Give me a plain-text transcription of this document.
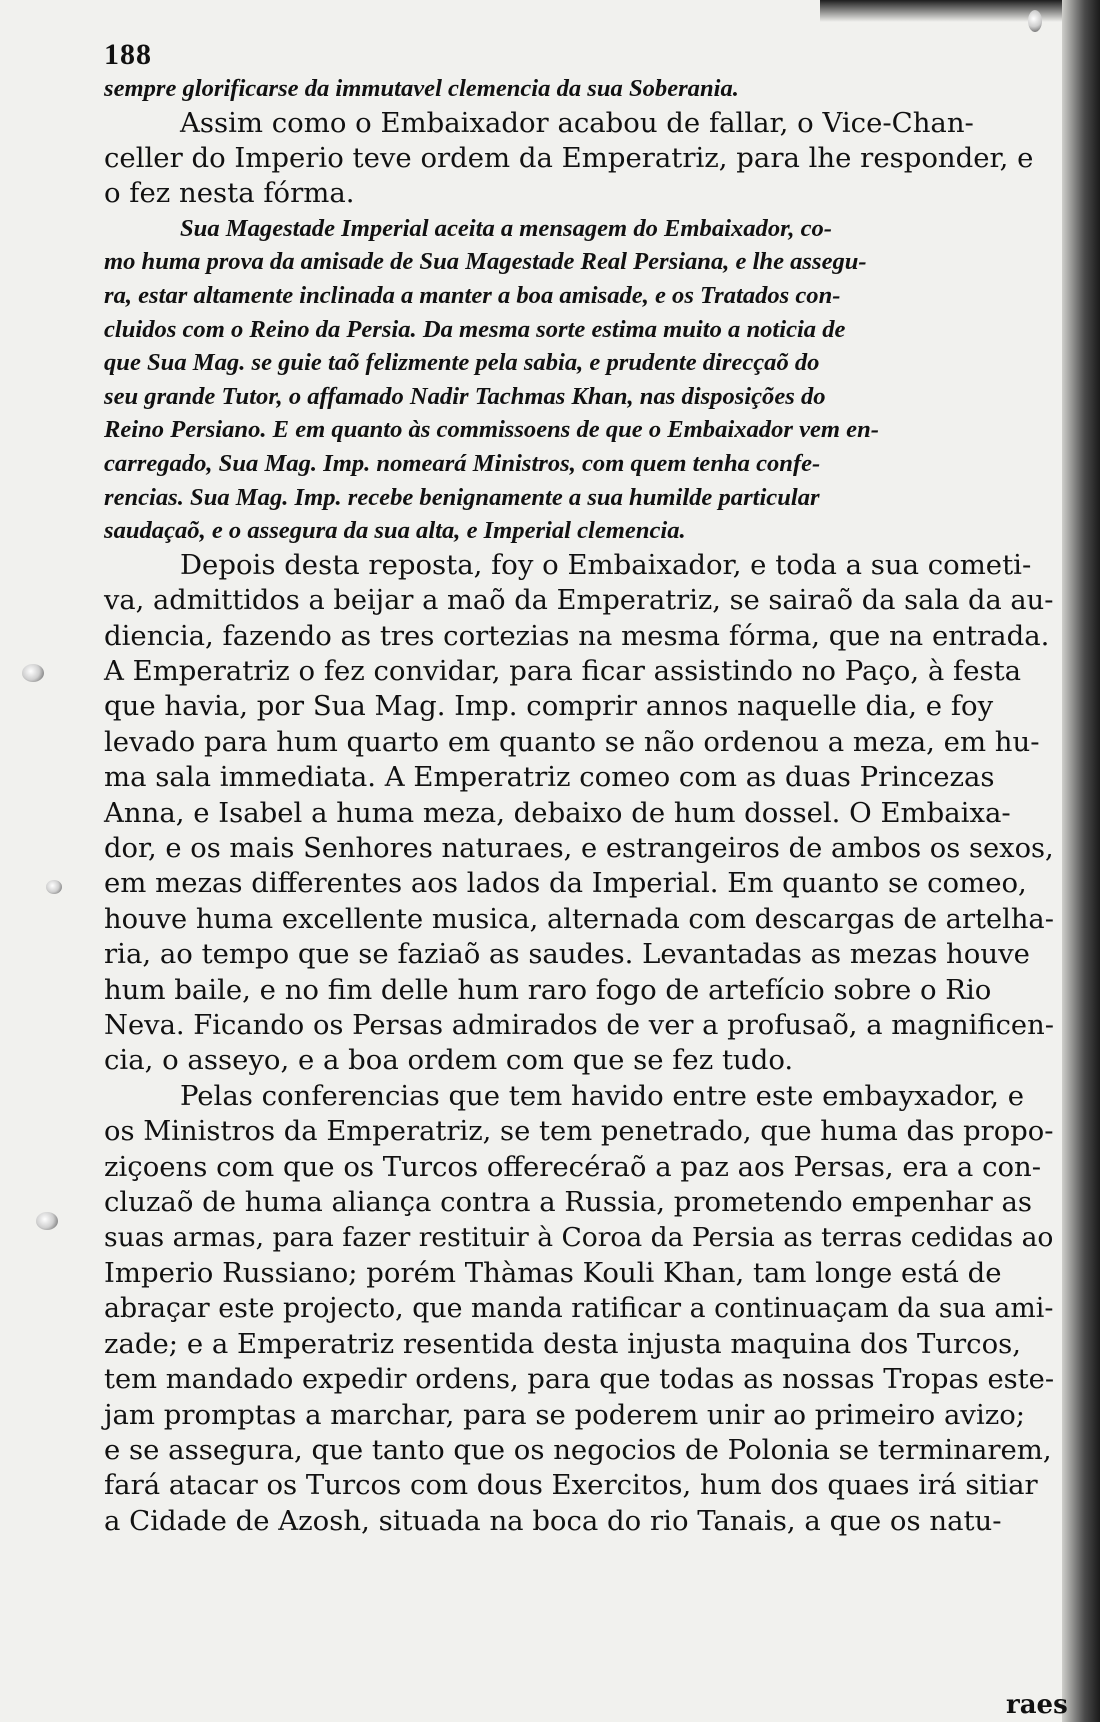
188

sempre glorificarse da immutavel clemencia da sua Soberania.

Assim como o Embaixador acabou de fallar, o Vice-Chan-

celler do Imperio teve ordem da Emperatriz, para lhe responder, e

o fez nesta fórma.

Sua Magestade Imperial aceita a mensagem do Embaixador, co-

mo huma prova da amisade de Sua Magestade Real Persiana, e lhe assegu-

ra, estar altamente inclinada a manter a boa amisade, e os Tratados con-

cluidos com o Reino da Persia. Da mesma sorte estima muito a noticia de

que Sua Mag. se guie taõ felizmente pela sabia, e prudente direcçaõ do

seu grande Tutor, o affamado Nadir Tachmas Khan, nas disposições do

Reino Persiano. E em quanto às commissoens de que o Embaixador vem en-

carregado, Sua Mag. Imp. nomeará Ministros, com quem tenha confe-

rencias. Sua Mag. Imp. recebe benignamente a sua humilde particular

saudaçaõ, e o assegura da sua alta, e Imperial clemencia.

Depois desta reposta, foy o Embaixador, e toda a sua cometi-

va, admittidos a beijar a maõ da Emperatriz, se sairaõ da sala da au-

diencia, fazendo as tres cortezias na mesma fórma, que na entrada.

A Emperatriz o fez convidar, para ficar assistindo no Paço, à festa

que havia, por Sua Mag. Imp. comprir annos naquelle dia, e foy

levado para hum quarto em quanto se não ordenou a meza, em hu-

ma sala immediata. A Emperatriz comeo com as duas Princezas

Anna, e Isabel a huma meza, debaixo de hum dossel. O Embaixa-

dor, e os mais Senhores naturaes, e estrangeiros de ambos os sexos,

em mezas differentes aos lados da Imperial. Em quanto se comeo,

houve huma excellente musica, alternada com descargas de artelha-

ria, ao tempo que se faziaõ as saudes. Levantadas as mezas houve

hum baile, e no fim delle hum raro fogo de artefício sobre o Rio

Neva. Ficando os Persas admirados de ver a profusaõ, a magnificen-

cia, o asseyo, e a boa ordem com que se fez tudo.

Pelas conferencias que tem havido entre este embayxador, e

os Ministros da Emperatriz, se tem penetrado, que huma das propo-

ziçoens com que os Turcos offerecéraõ a paz aos Persas, era a con-

cluzaõ de huma aliança contra a Russia, prometendo empenhar as

suas armas, para fazer restituir à Coroa da Persia as terras cedidas ao

Imperio Russiano; porém Thàmas Kouli Khan, tam longe está de

abraçar este projecto, que manda ratificar a continuaçam da sua ami-

zade; e a Emperatriz resentida desta injusta maquina dos Turcos,

tem mandado expedir ordens, para que todas as nossas Tropas este-

jam promptas a marchar, para se poderem unir ao primeiro avizo;

e se assegura, que tanto que os negocios de Polonia se terminarem,

fará atacar os Turcos com dous Exercitos, hum dos quaes irá sitiar

a Cidade de Azosh, situada na boca do rio Tanais, a que os natu-

raes
